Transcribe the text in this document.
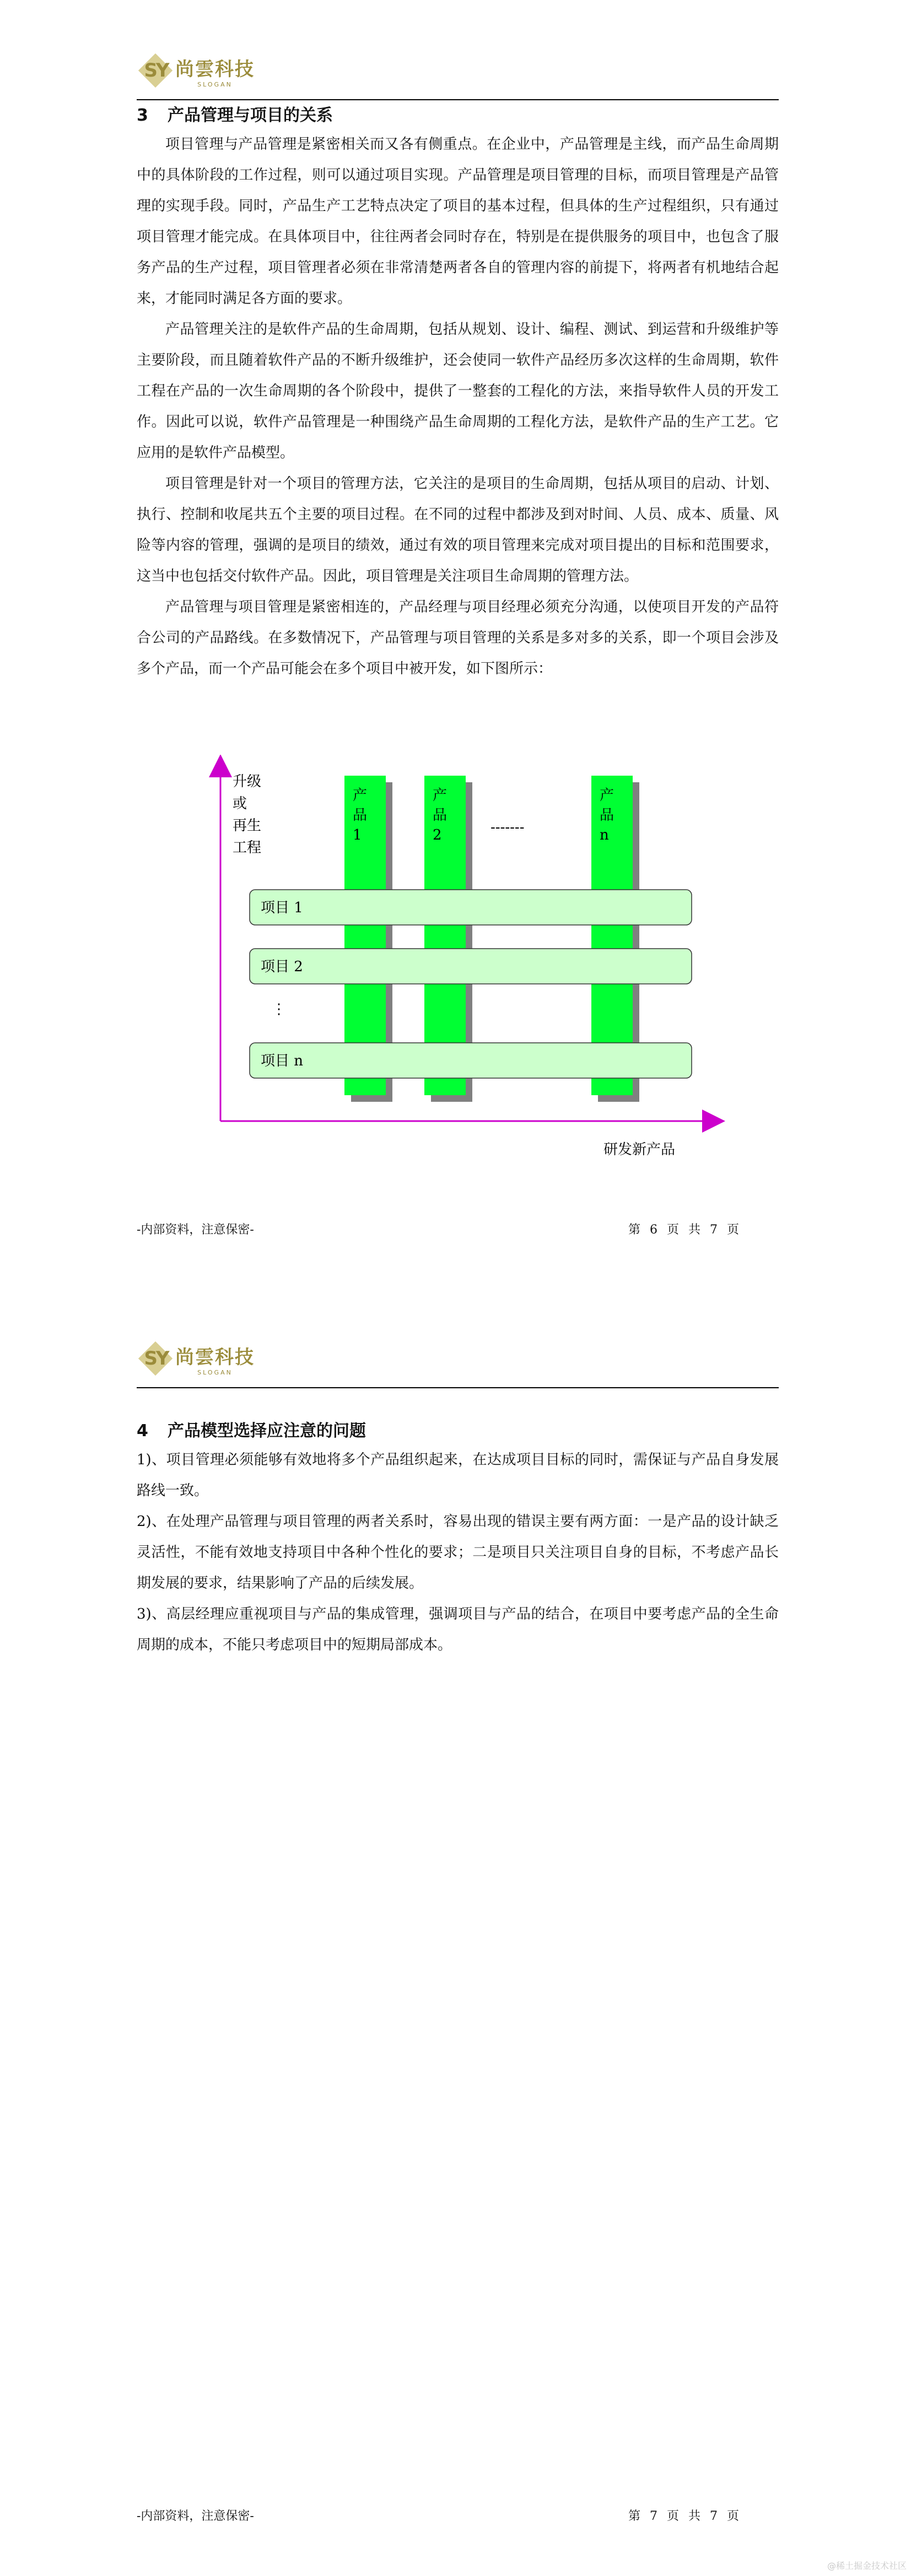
SY 尚雲科技
SLOGAN
3 产品管理与项目的关系

项目管理与产品管理是紧密相关而又各有侧重点。在企业中，产品管理是主线，而产品生命周期中的具体阶段的工作过程，则可以通过项目实现。产品管理是项目管理的目标，而项目管理是产品管理的实现手段。同时，产品生产工艺特点决定了项目的基本过程，但具体的生产过程组织，只有通过项目管理才能完成。在具体项目中，往往两者会同时存在，特别是在提供服务的项目中，也包含了服务产品的生产过程，项目管理者必须在非常清楚两者各自的管理内容的前提下，将两者有机地结合起来，才能同时满足各方面的要求。

产品管理关注的是软件产品的生命周期，包括从规划、设计、编程、测试、到运营和升级维护等主要阶段，而且随着软件产品的不断升级维护，还会使同一软件产品经历多次这样的生命周期，软件工程在产品的一次生命周期的各个阶段中，提供了一整套的工程化的方法，来指导软件人员的开发工作。因此可以说，软件产品管理是一种围绕产品生命周期的工程化方法，是软件产品的生产工艺。它应用的是软件产品模型。

项目管理是针对一个项目的管理方法，它关注的是项目的生命周期，包括从项目的启动、计划、执行、控制和收尾共五个主要的项目过程。在不同的过程中都涉及到对时间、人员、成本、质量、风险等内容的管理，强调的是项目的绩效，通过有效的项目管理来完成对项目提出的目标和范围要求，这当中也包括交付软件产品。因此，项目管理是关注项目生命周期的管理方法。

产品管理与项目管理是紧密相连的，产品经理与项目经理必须充分沟通，以使项目开发的产品符合公司的产品路线。在多数情况下，产品管理与项目管理的关系是多对多的关系，即一个项目会涉及多个产品，而一个产品可能会在多个项目中被开发，如下图所示：

升级
或
再生
工程
研发新产品
产
品
1
产
品
2
产
品
n
-------
项目 1
项目 2
⋮
项目 n
-内部资料，注意保密-	第 6 页 共 7 页
SY 尚雲科技
SLOGAN
4 产品模型选择应注意的问题

1)、项目管理必须能够有效地将多个产品组织起来，在达成项目目标的同时，需保证与产品自身发展路线一致。

2)、在处理产品管理与项目管理的两者关系时，容易出现的错误主要有两方面：一是产品的设计缺乏灵活性，不能有效地支持项目中各种个性化的要求；二是项目只关注项目自身的目标，不考虑产品长期发展的要求，结果影响了产品的后续发展。

3)、高层经理应重视项目与产品的集成管理，强调项目与产品的结合，在项目中要考虑产品的全生命周期的成本，不能只考虑项目中的短期局部成本。

-内部资料，注意保密-	第 7 页 共 7 页
@稀土掘金技术社区
